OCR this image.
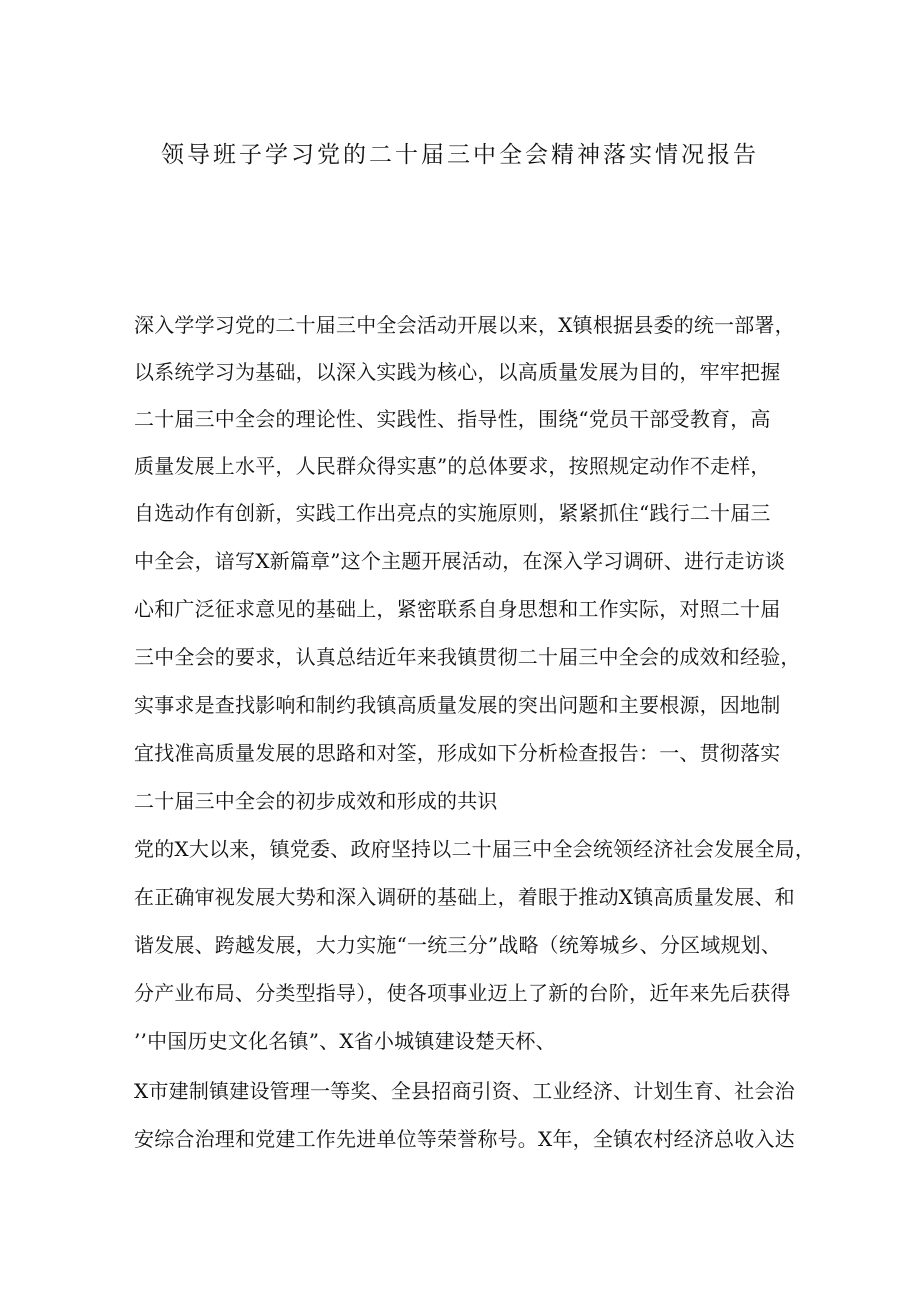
领导班子学习党的二十届三中全会精神落实情况报告
深入学学习党的二十届三中全会活动开展以来，X镇根据县委的统一部署，
以系统学习为基础，以深入实践为核心，以高质量发展为目的，牢牢把握
二十届三中全会的理论性、实践性、指导性，围绕“党员干部受教育，高
质量发展上水平，人民群众得实惠”的总体要求，按照规定动作不走样，
自选动作有创新，实践工作出亮点的实施原则，紧紧抓住“践行二十届三
中全会，谙写X新篇章”这个主题开展活动，在深入学习调研、进行走访谈
心和广泛征求意见的基础上，紧密联系自身思想和工作实际，对照二十届
三中全会的要求，认真总结近年来我镇贯彻二十届三中全会的成效和经验，
实事求是查找影响和制约我镇高质量发展的突出问题和主要根源，因地制
宜找准高质量发展的思路和对筌，形成如下分析检查报告：一、贯彻落实
二十届三中全会的初步成效和形成的共识
党的X大以来，镇党委、政府坚持以二十届三中全会统领经济社会发展全局，
在正确审视发展大势和深入调研的基础上，着眼于推动X镇高质量发展、和
谐发展、跨越发展，大力实施“一统三分”战略（统筹城乡、分区域规划、
分产业布局、分类型指导），使各项事业迈上了新的台阶，近年来先后获得
’’中国历史文化名镇”、X省小城镇建设楚天杯、
X市建制镇建设管理一等奖、全县招商引资、工业经济、计划生育、社会治
安综合治理和党建工作先进单位等荣誉称号。X年，全镇农村经济总收入达
